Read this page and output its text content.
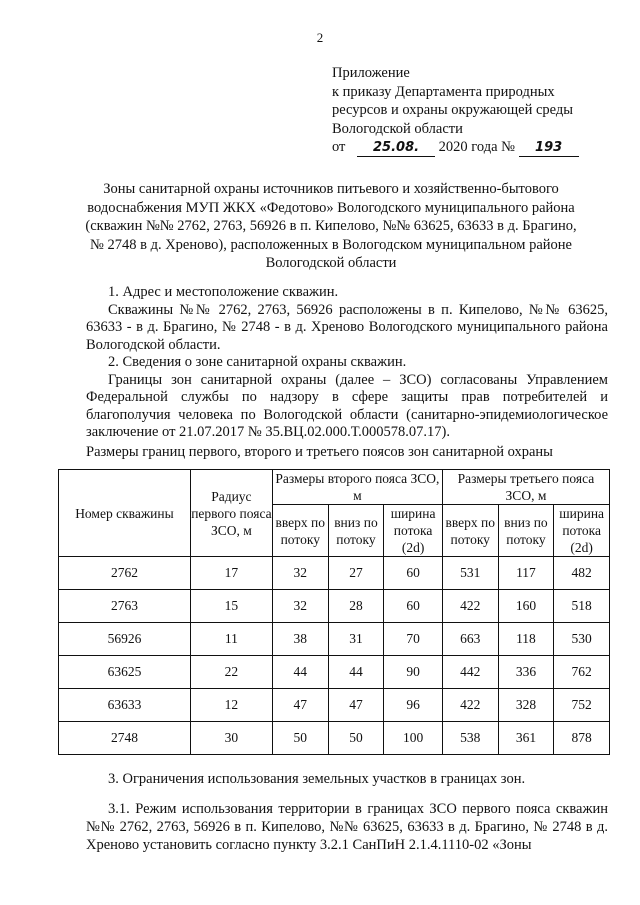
2
Приложение
к приказу Департамента природных
ресурсов и охраны окружающей среды
Вологодской области
от 25.08. 2020 года № 193
Зоны санитарной охраны источников питьевого и хозяйственно-бытового водоснабжения МУП ЖКХ «Федотово» Вологодского муниципального района (скважин №№ 2762, 2763, 56926 в п. Кипелово, №№ 63625, 63633 в д. Брагино, № 2748 в д. Хреново), расположенных в Вологодском муниципальном районе Вологодской области

1. Адрес и местоположение скважин.

Скважины №№ 2762, 2763, 56926 расположены в п. Кипелово, №№ 63625, 63633 - в д. Брагино, № 2748 - в д. Хреново Вологодского муниципального района Вологодской области.

2. Сведения о зоне санитарной охраны скважин.

Границы зон санитарной охраны (далее – ЗСО) согласованы Управлением Федеральной службы по надзору в сфере защиты прав потребителей и благополучия человека по Вологодской области (санитарно-эпидемиологическое заключение от 21.07.2017 № 35.ВЦ.02.000.Т.000578.07.17).

Размеры границ первого, второго и третьего поясов зон санитарной охраны
Номер скважины	Радиус первого пояса ЗСО, м	Размеры второго пояса ЗСО, м			Размеры третьего пояса ЗСО, м		
		вверх по потоку	вниз по потоку	ширина потока (2d)	вверх по потоку	вниз по потоку	ширина потока (2d)
2762	17	32	27	60	531	117	482
2763	15	32	28	60	422	160	518
56926	11	38	31	70	663	118	530
63625	22	44	44	90	442	336	762
63633	12	47	47	96	422	328	752
2748	30	50	50	100	538	361	878

3. Ограничения использования земельных участков в границах зон.

3.1. Режим использования территории в границах ЗСО первого пояса скважин №№ 2762, 2763, 56926 в п. Кипелово, №№ 63625, 63633 в д. Брагино, № 2748 в д. Хреново установить согласно пункту 3.2.1 СанПиН 2.1.4.1110-02 «Зоны
